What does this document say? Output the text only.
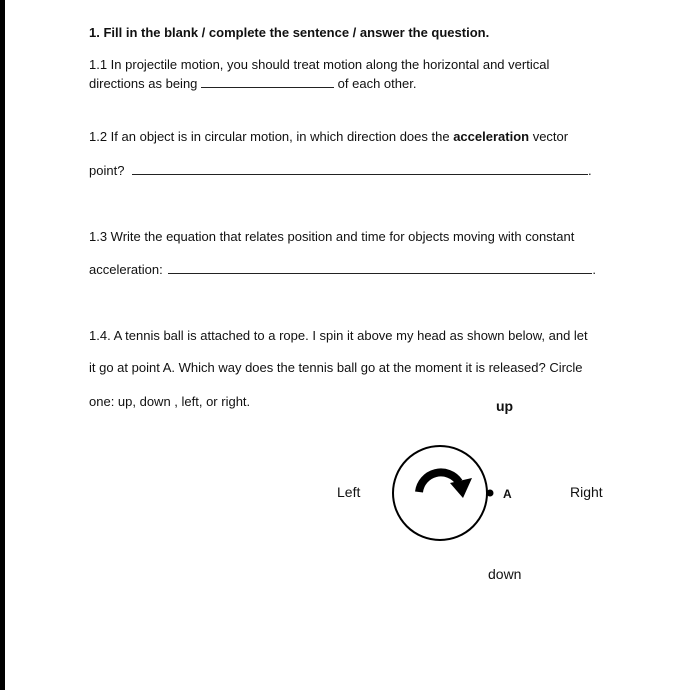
1. Fill in the blank / complete the sentence / answer the question.
1.1 In projectile motion, you should treat motion along the horizontal and vertical
directions as being	of each other.
1.2 If an object is in circular motion, in which direction does the acceleration vector
point?	.
1.3 Write the equation that relates position and time for objects moving with constant
acceleration:	.
1.4. A tennis ball is attached to a rope. I spin it above my head as shown below, and let
it go at point A. Which way does the tennis ball go at the moment it is released? Circle
one: up, down , left, or right.	up
Left	Right
down
A
